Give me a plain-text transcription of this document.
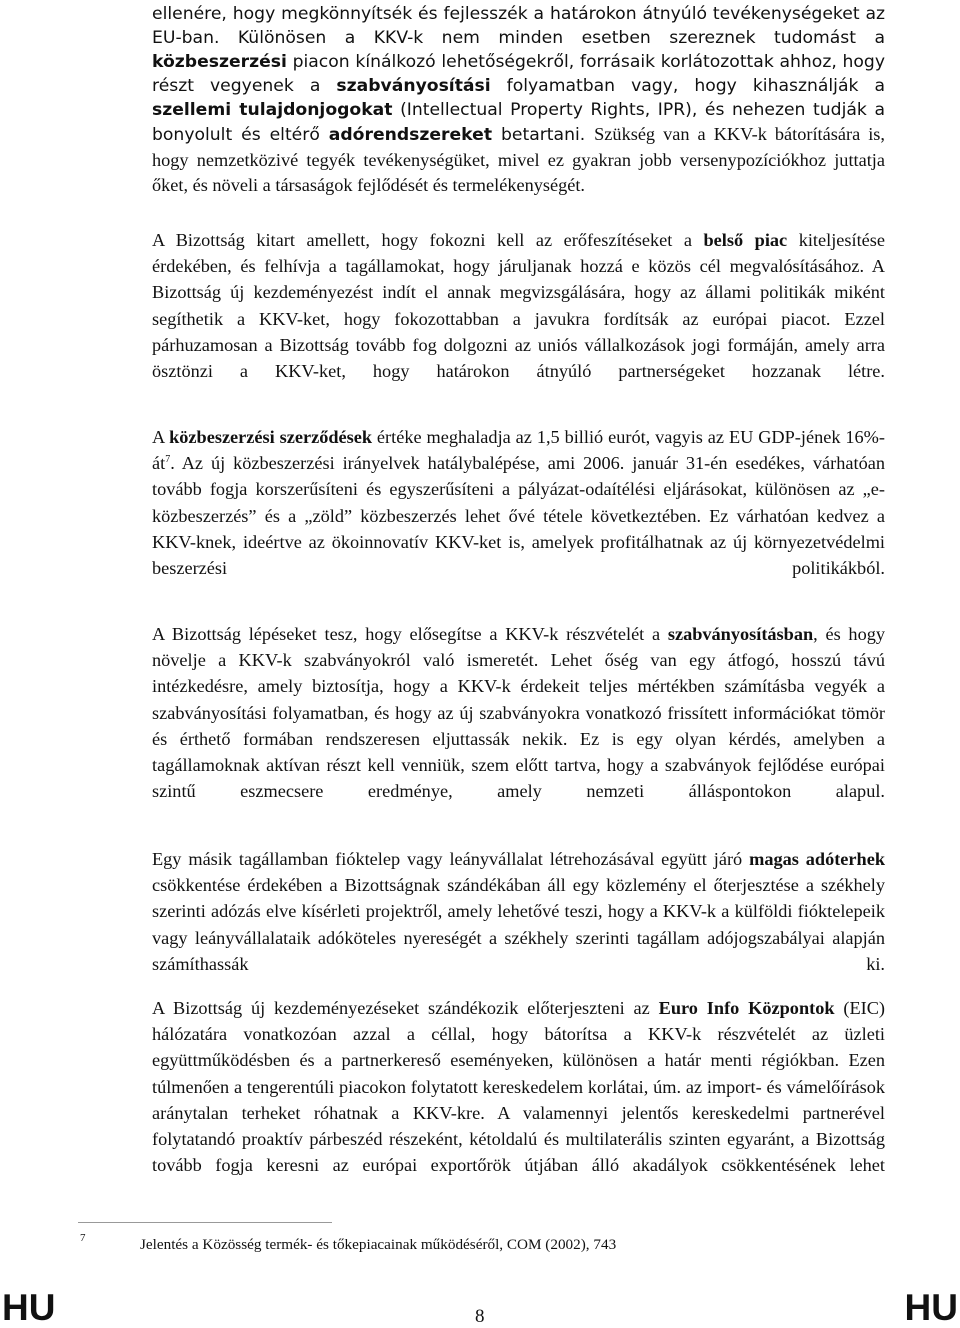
ellenére, hogy megkönnyítsék és fejlesszék a határokon átnyúló tevékenységeket az EU-ban. Különösen a KKV-k nem minden esetben szereznek tudomást a közbeszerzési piacon kínálkozó lehetőségekről, forrásaik korlátozottak ahhoz, hogy részt vegyenek a szabványosítási folyamatban vagy, hogy kihasználják a szellemi tulajdonjogokat (Intellectual Property Rights, IPR), és nehezen tudják a bonyolult és eltérő adórendszereket betartani. Szükség van a KKV-k bátorítására is, hogy nemzetközivé tegyék tevékenységüket, mivel ez gyakran jobb versenypozíciókhoz juttatja őket, és növeli a társaságok fejlődését és termelékenységét.

A Bizottság kitart amellett, hogy fokozni kell az erőfeszítéseket a belső piac kiteljesítése érdekében, és felhívja a tagállamokat, hogy járuljanak hozzá e közös cél megvalósításához. A Bizottság új kezdeményezést indít el annak megvizsgálására, hogy az állami politikák miként segíthetik a KKV-ket, hogy fokozottabban a javukra fordítsák az európai piacot. Ezzel párhuzamosan a Bizottság tovább fog dolgozni az uniós vállalkozások jogi formáján, amely arra ösztönzi a KKV-ket, hogy határokon átnyúló partnerségeket hozzanak létre.

A közbeszerzési szerződések értéke meghaladja az 1,5 billió eurót, vagyis az EU GDP-jének $16\%-át^7$. Az új közbeszerzési irányelvek hatálybalépése, ami 2006. január 31-én esedékes, várhatóan tovább fogja korszerűsíteni és egyszerűsíteni a pályázat-odaítélési eljárásokat, különösen az „e-közbeszerzés” és a „zöld” közbeszerzés lehet ővé tétele következtében. Ez várhatóan kedvez a KKV-knek, ideértve az ökoinnovatív KKV-ket is, amelyek profitálhatnak az új környezetvédelmi beszerzési politikákból.

A Bizottság lépéseket tesz, hogy elősegítse a KKV-k részvételét a szabványosításban, és hogy növelje a KKV-k szabványokról való ismeretét. Lehet őség van egy átfogó, hosszú távú intézkedésre, amely biztosítja, hogy a KKV-k érdekeit teljes mértékben számításba vegyék a szabványosítási folyamatban, és hogy az új szabványokra vonatkozó frissített információkat tömör és érthető formában rendszeresen eljuttassák nekik. Ez is egy olyan kérdés, amelyben a tagállamoknak aktívan részt kell venniük, szem előtt tartva, hogy a szabványok fejlődése európai szintű eszmecsere eredménye, amely nemzeti álláspontokon alapul.

Egy másik tagállamban fióktelep vagy leányvállalat létrehozásával együtt járó magas adóterhek csökkentése érdekében a Bizottságnak szándékában áll egy közlemény el őterjesztése a székhely szerinti adózás elve kísérleti projektről, amely lehetővé teszi, hogy a KKV-k a külföldi fióktelepeik vagy leányvállalataik adóköteles nyereségét a székhely szerinti tagállam adójogszabályai alapján számíthassák ki.

A Bizottság új kezdeményezéseket szándékozik előterjeszteni az Euro Info Központok (EIC) hálózatára vonatkozóan azzal a céllal, hogy bátorítsa a KKV-k részvételét az üzleti együttműködésben és a partnerkereső eseményeken, különösen a határ menti régiókban. Ezen túlmenően a tengerentúli piacokon folytatott kereskedelem korlátai, úm. az import- és vámelőírások aránytalan terheket róhatnak a KKV-kre. A valamennyi jelentős kereskedelmi partnerével folytatandó proaktív párbeszéd részeként, kétoldalú és multilaterális szinten egyaránt, a Bizottság tovább fogja keresni az európai exportőrök útjában álló akadályok csökkentésének lehet

7	Jelentés a Közösség termék- és tőkepiacainak működéséről, COM (2002), 743
HU	8	HU
